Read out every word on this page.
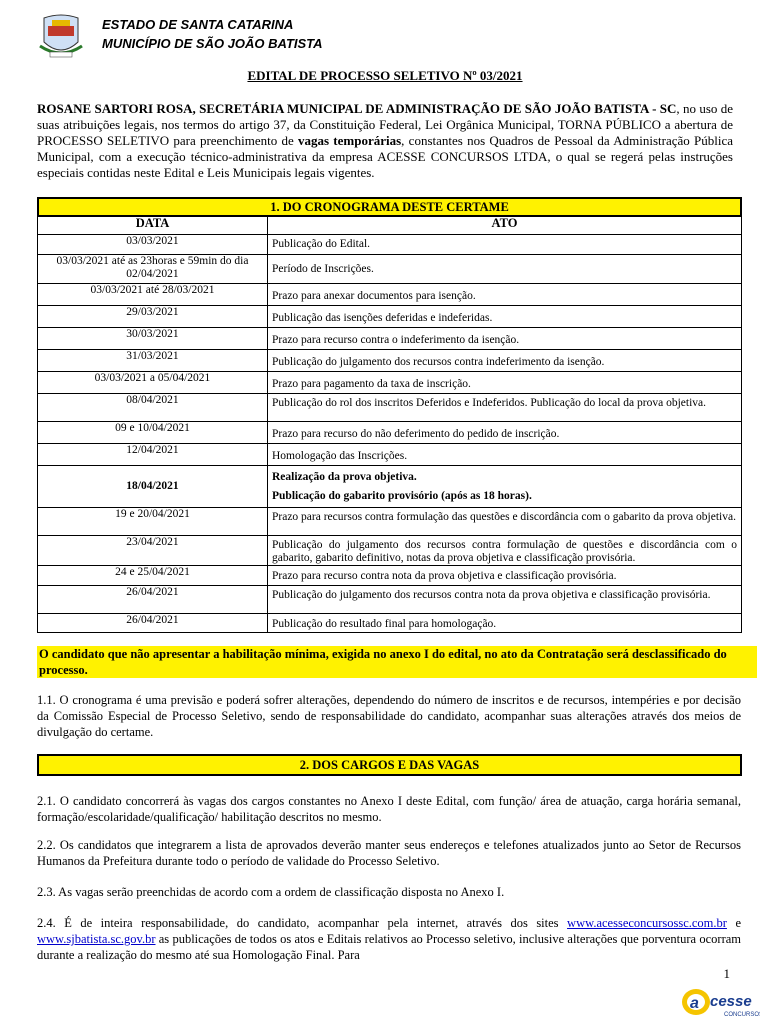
ESTADO DE SANTA CATARINA
MUNICÍPIO DE SÃO JOÃO BATISTA
EDITAL DE PROCESSO SELETIVO Nº 03/2021
ROSANE SARTORI ROSA, SECRETÁRIA MUNICIPAL DE ADMINISTRAÇÃO DE SÃO JOÃO BATISTA - SC, no uso de suas atribuições legais, nos termos do artigo 37, da Constituição Federal, Lei Orgânica Municipal, TORNA PÚBLICO a abertura de PROCESSO SELETIVO para preenchimento de vagas temporárias, constantes nos Quadros de Pessoal da Administração Pública Municipal, com a execução técnico-administrativa da empresa ACESSE CONCURSOS LTDA, o qual se regerá pelas instruções especiais contidas neste Edital e Leis Municipais legais vigentes.
1. DO CRONOGRAMA DESTE CERTAME
DATA	ATO
03/03/2021	Publicação do Edital.
03/03/2021 até as 23horas e 59min do dia 02/04/2021	Período de Inscrições.
03/03/2021 até 28/03/2021	Prazo para anexar documentos para isenção.
29/03/2021	Publicação das isenções deferidas e indeferidas.
30/03/2021	Prazo para recurso contra o indeferimento da isenção.
31/03/2021	Publicação do julgamento dos recursos contra indeferimento da isenção.
03/03/2021 a 05/04/2021	Prazo para pagamento da taxa de inscrição.
08/04/2021	Publicação do rol dos inscritos Deferidos e Indeferidos. Publicação do local da prova objetiva.
09 e 10/04/2021	Prazo para recurso do não deferimento do pedido de inscrição.
12/04/2021	Homologação das Inscrições.
18/04/2021	Realização da prova objetiva.
Publicação do gabarito provisório (após as 18 horas).

19 e 20/04/2021	Prazo para recursos contra formulação das questões e discordância com o gabarito da prova objetiva.
23/04/2021	Publicação do julgamento dos recursos contra formulação de questões e discordância com o gabarito, gabarito definitivo, notas da prova objetiva e classificação provisória.
24 e 25/04/2021	Prazo para recurso contra nota da prova objetiva e classificação provisória.
26/04/2021	Publicação do julgamento dos recursos contra nota da prova objetiva e classificação provisória.
26/04/2021	Publicação do resultado final para homologação.
O candidato que não apresentar a habilitação mínima, exigida no anexo I do edital, no ato da Contratação será desclassificado do processo.
1.1. O cronograma é uma previsão e poderá sofrer alterações, dependendo do número de inscritos e de recursos, intempéries e por decisão da Comissão Especial de Processo Seletivo, sendo de responsabilidade do candidato, acompanhar suas alterações através dos meios de divulgação do certame.
2. DOS CARGOS E DAS VAGAS
2.1. O candidato concorrerá às vagas dos cargos constantes no Anexo I deste Edital, com função/ área de atuação, carga horária semanal, formação/escolaridade/qualificação/ habilitação descritos no mesmo.
2.2. Os candidatos que integrarem a lista de aprovados deverão manter seus endereços e telefones atualizados junto ao Setor de Recursos Humanos da Prefeitura durante todo o período de validade do Processo Seletivo.
2.3. As vagas serão preenchidas de acordo com a ordem de classificação disposta no Anexo I.
2.4. É de inteira responsabilidade, do candidato, acompanhar pela internet, através dos sites www.acesseconcursossc.com.br e www.sjbatista.sc.gov.br as publicações de todos os atos e Editais relativos ao Processo seletivo, inclusive alterações que porventura ocorram durante a realização do mesmo até sua Homologação Final. Para
1
a cesse
CONCURSOS
